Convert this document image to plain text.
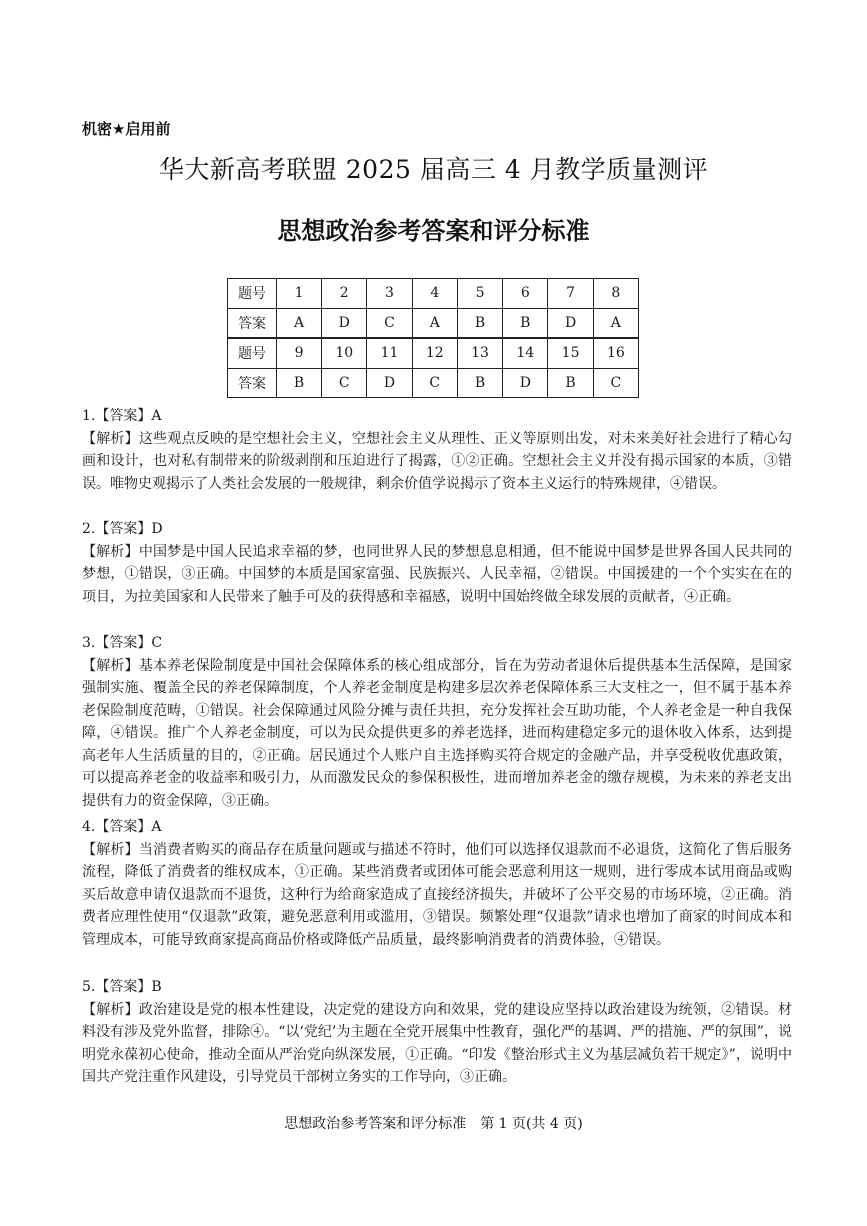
机密★启用前
华大新高考联盟 2025 届高三 4 月教学质量测评
思想政治参考答案和评分标准
题号	1	2	3	4	5	6	7	8
答案	A	D	C	A	B	B	D	A
题号	9	10	11	12	13	14	15	16
答案	B	C	D	C	B	D	B	C
1.【答案】A
【解析】这些观点反映的是空想社会主义，空想社会主义从理性、正义等原则出发，对未来美好社会进行了精心勾画和设计，也对私有制带来的阶级剥削和压迫进行了揭露，①②正确。空想社会主义并没有揭示国家的本质，③错误。唯物史观揭示了人类社会发展的一般规律，剩余价值学说揭示了资本主义运行的特殊规律，④错误。
2.【答案】D
【解析】中国梦是中国人民追求幸福的梦，也同世界人民的梦想息息相通，但不能说中国梦是世界各国人民共同的梦想，①错误，③正确。中国梦的本质是国家富强、民族振兴、人民幸福，②错误。中国援建的一个个实实在在的项目，为拉美国家和人民带来了触手可及的获得感和幸福感，说明中国始终做全球发展的贡献者，④正确。
3.【答案】C
【解析】基本养老保险制度是中国社会保障体系的核心组成部分，旨在为劳动者退休后提供基本生活保障，是国家强制实施、覆盖全民的养老保障制度，个人养老金制度是构建多层次养老保障体系三大支柱之一，但不属于基本养老保险制度范畴，①错误。社会保障通过风险分摊与责任共担，充分发挥社会互助功能，个人养老金是一种自我保障，④错误。推广个人养老金制度，可以为民众提供更多的养老选择，进而构建稳定多元的退休收入体系，达到提高老年人生活质量的目的，②正确。居民通过个人账户自主选择购买符合规定的金融产品，并享受税收优惠政策，可以提高养老金的收益率和吸引力，从而激发民众的参保积极性，进而增加养老金的缴存规模，为未来的养老支出提供有力的资金保障，③正确。
4.【答案】A
【解析】当消费者购买的商品存在质量问题或与描述不符时，他们可以选择仅退款而不必退货，这简化了售后服务流程，降低了消费者的维权成本，①正确。某些消费者或团体可能会恶意利用这一规则，进行零成本试用商品或购买后故意申请仅退款而不退货，这种行为给商家造成了直接经济损失，并破坏了公平交易的市场环境，②正确。消费者应理性使用“仅退款”政策，避免恶意利用或滥用，③错误。频繁处理“仅退款”请求也增加了商家的时间成本和管理成本，可能导致商家提高商品价格或降低产品质量，最终影响消费者的消费体验，④错误。
5.【答案】B
【解析】政治建设是党的根本性建设，决定党的建设方向和效果，党的建设应坚持以政治建设为统领，②错误。材料没有涉及党外监督，排除④。“以‘党纪’为主题在全党开展集中性教育，强化严的基调、严的措施、严的氛围”，说明党永葆初心使命，推动全面从严治党向纵深发展，①正确。“印发《整治形式主义为基层减负若干规定》”，说明中国共产党注重作风建设，引导党员干部树立务实的工作导向，③正确。
思想政治参考答案和评分标准　第 1 页(共 4 页)
